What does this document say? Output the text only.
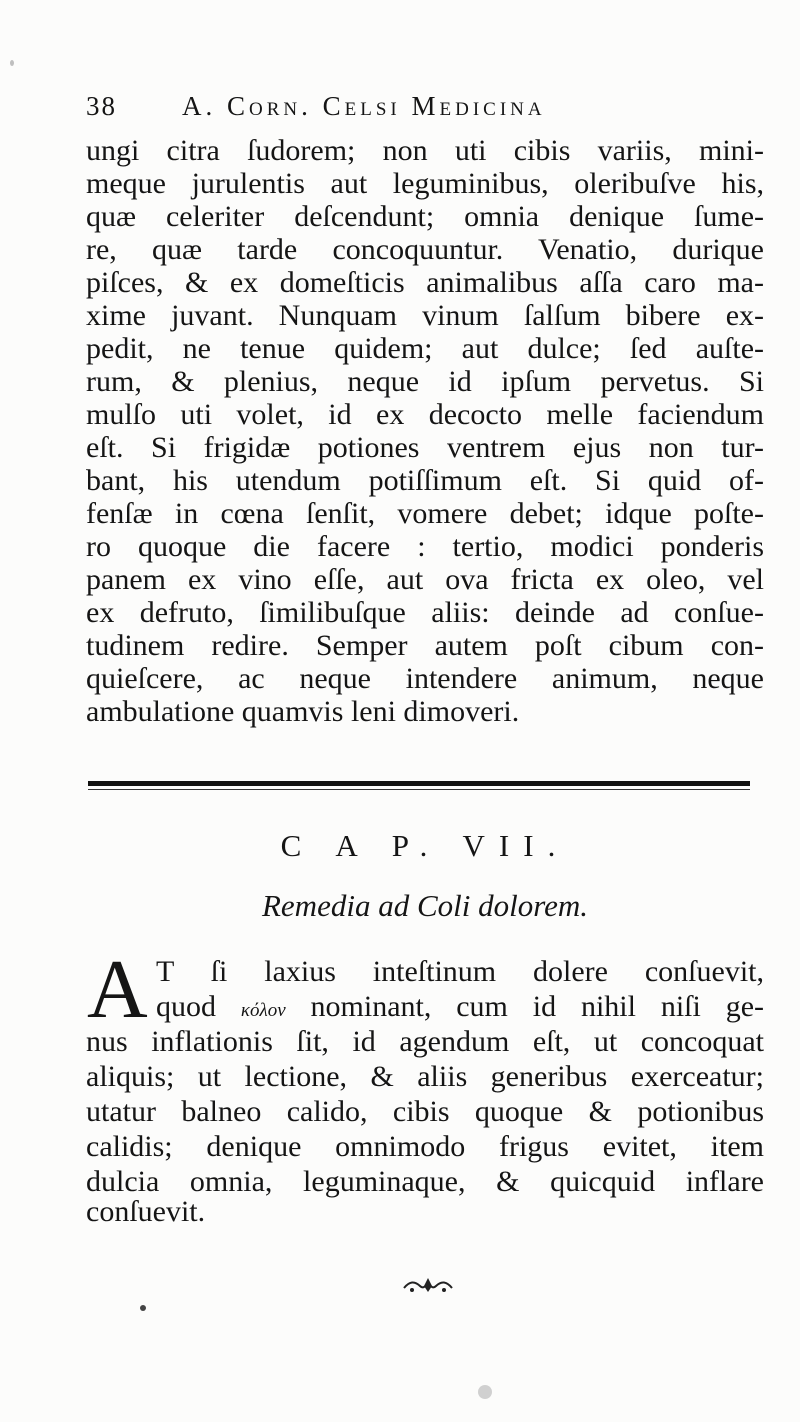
38 A. Corn. Celsi Medicina
ungi citra ſudorem; non uti cibis variis, mini-
meque jurulentis aut leguminibus, oleribuſve his,
quæ celeriter deſcendunt; omnia denique ſume-
re, quæ tarde concoquuntur. Venatio, durique
piſces, & ex domeſticis animalibus aſſa caro ma-
xime juvant. Nunquam vinum ſalſum bibere ex-
pedit, ne tenue quidem; aut dulce; ſed auſte-
rum, & plenius, neque id ipſum pervetus. Si
mulſo uti volet, id ex decocto melle faciendum
eſt. Si frigidæ potiones ventrem ejus non tur-
bant, his utendum potiſſimum eſt. Si quid of-
fenſæ in cœna ſenſit, vomere debet; idque poſte-
ro quoque die facere : tertio, modici ponderis
panem ex vino eſſe, aut ova fricta ex oleo, vel
ex defruto, ſimilibuſque aliis: deinde ad conſue-
tudinem redire. Semper autem poſt cibum con-
quieſcere, ac neque intendere animum, neque
ambulatione quamvis leni dimoveri.
C A P. VII.
Remedia ad Coli dolorem.
A T ſi laxius inteſtinum dolere conſuevit,
quod κόλον nominant, cum id nihil niſi ge-
nus inflationis ſit, id agendum eſt, ut concoquat
aliquis; ut lectione, & aliis generibus exerceatur;
utatur balneo calido, cibis quoque & potionibus
calidis; denique omnimodo frigus evitet, item
dulcia omnia, leguminaque, & quicquid inflare
conſuevit.
